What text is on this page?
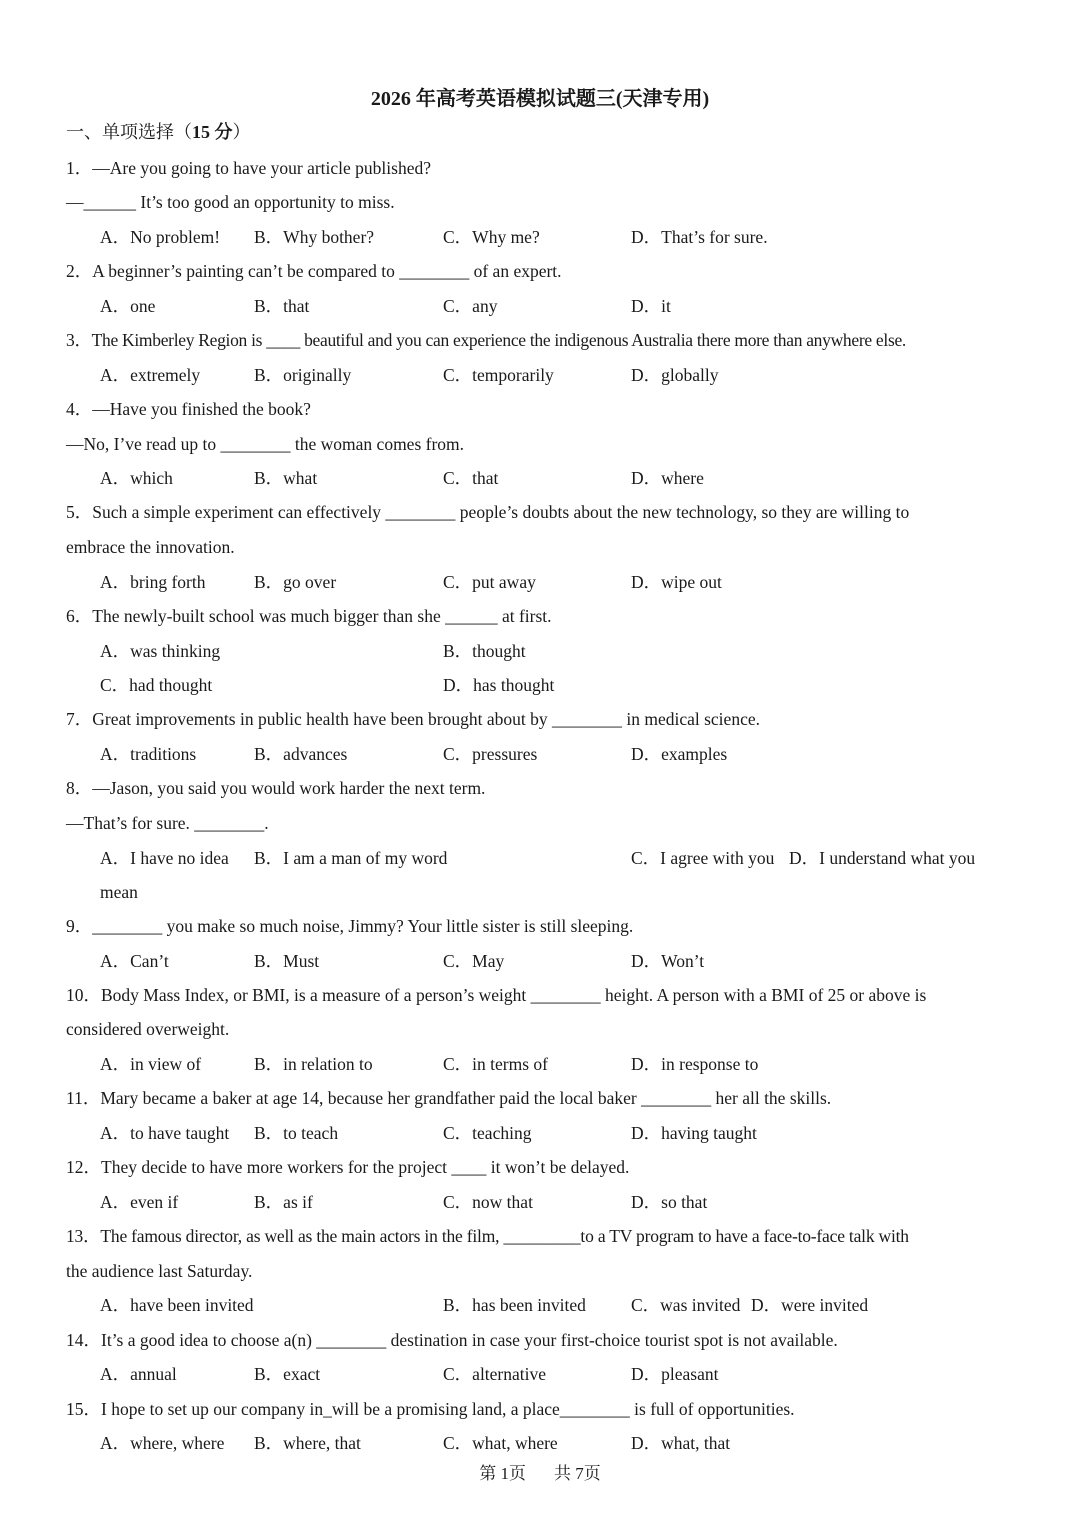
2026 年高考英语模拟试题三(天津专用)
一、单项选择（15 分）
1．—Are you going to have your article published?
—______ It’s too good an opportunity to miss.
A．No problem! B．Why bother?	C．Why me?	D．That’s for sure.
2．A beginner’s painting can’t be compared to ________ of an expert.
A．one	B．that	C．any	D．it
3．The Kimberley Region is ____ beautiful and you can experience the indigenous Australia there more than anywhere else.
A．extremely	B．originally	C．temporarily	D．globally
4．—Have you finished the book?
—No, I’ve read up to ________ the woman comes from.
A．which	B．what	C．that	D．where
5．Such a simple experiment can effectively ________ people’s doubts about the new technology, so they are willing to
embrace the innovation.
A．bring forth	B．go over	C．put away	D．wipe out
6．The newly-built school was much bigger than she ______ at first.
A．was thinking	B．thought
C．had thought	D．has thought
7．Great improvements in public health have been brought about by ________ in medical science.
A．traditions	B．advances	C．pressures	D．examples
8．—Jason, you said you would work harder the next term.
—That’s for sure. ________.
A．I have no idea B．I am a man of my word	C．I agree with you D．I understand what you
mean
9．________ you make so much noise, Jimmy? Your little sister is still sleeping.
A．Can’t	B．Must	C．May	D．Won’t
10．Body Mass Index, or BMI, is a measure of a person’s weight ________ height. A person with a BMI of 25 or above is
considered overweight.
A．in view of	B．in relation to	C．in terms of	D．in response to
11．Mary became a baker at age 14, because her grandfather paid the local baker ________ her all the skills.
A．to have taught B．to teach	C．teaching	D．having taught
12．They decide to have more workers for the project ____ it won’t be delayed.
A．even if	B．as if	C．now that	D．so that
13．The famous director, as well as the main actors in the film, _________to a TV program to have a face-to-face talk with
the audience last Saturday.
A．have been invited	B．has been invited	C．was invited D．were invited
14．It’s a good idea to choose a(n) ________ destination in case your first-choice tourist spot is not available.
A．annual	B．exact	C．alternative	D．pleasant
15．I hope to set up our company in_will be a promising land, a place________ is full of opportunities.
A．where, where B．where, that	C．what, where	D．what, that
第 1页 共 7页
